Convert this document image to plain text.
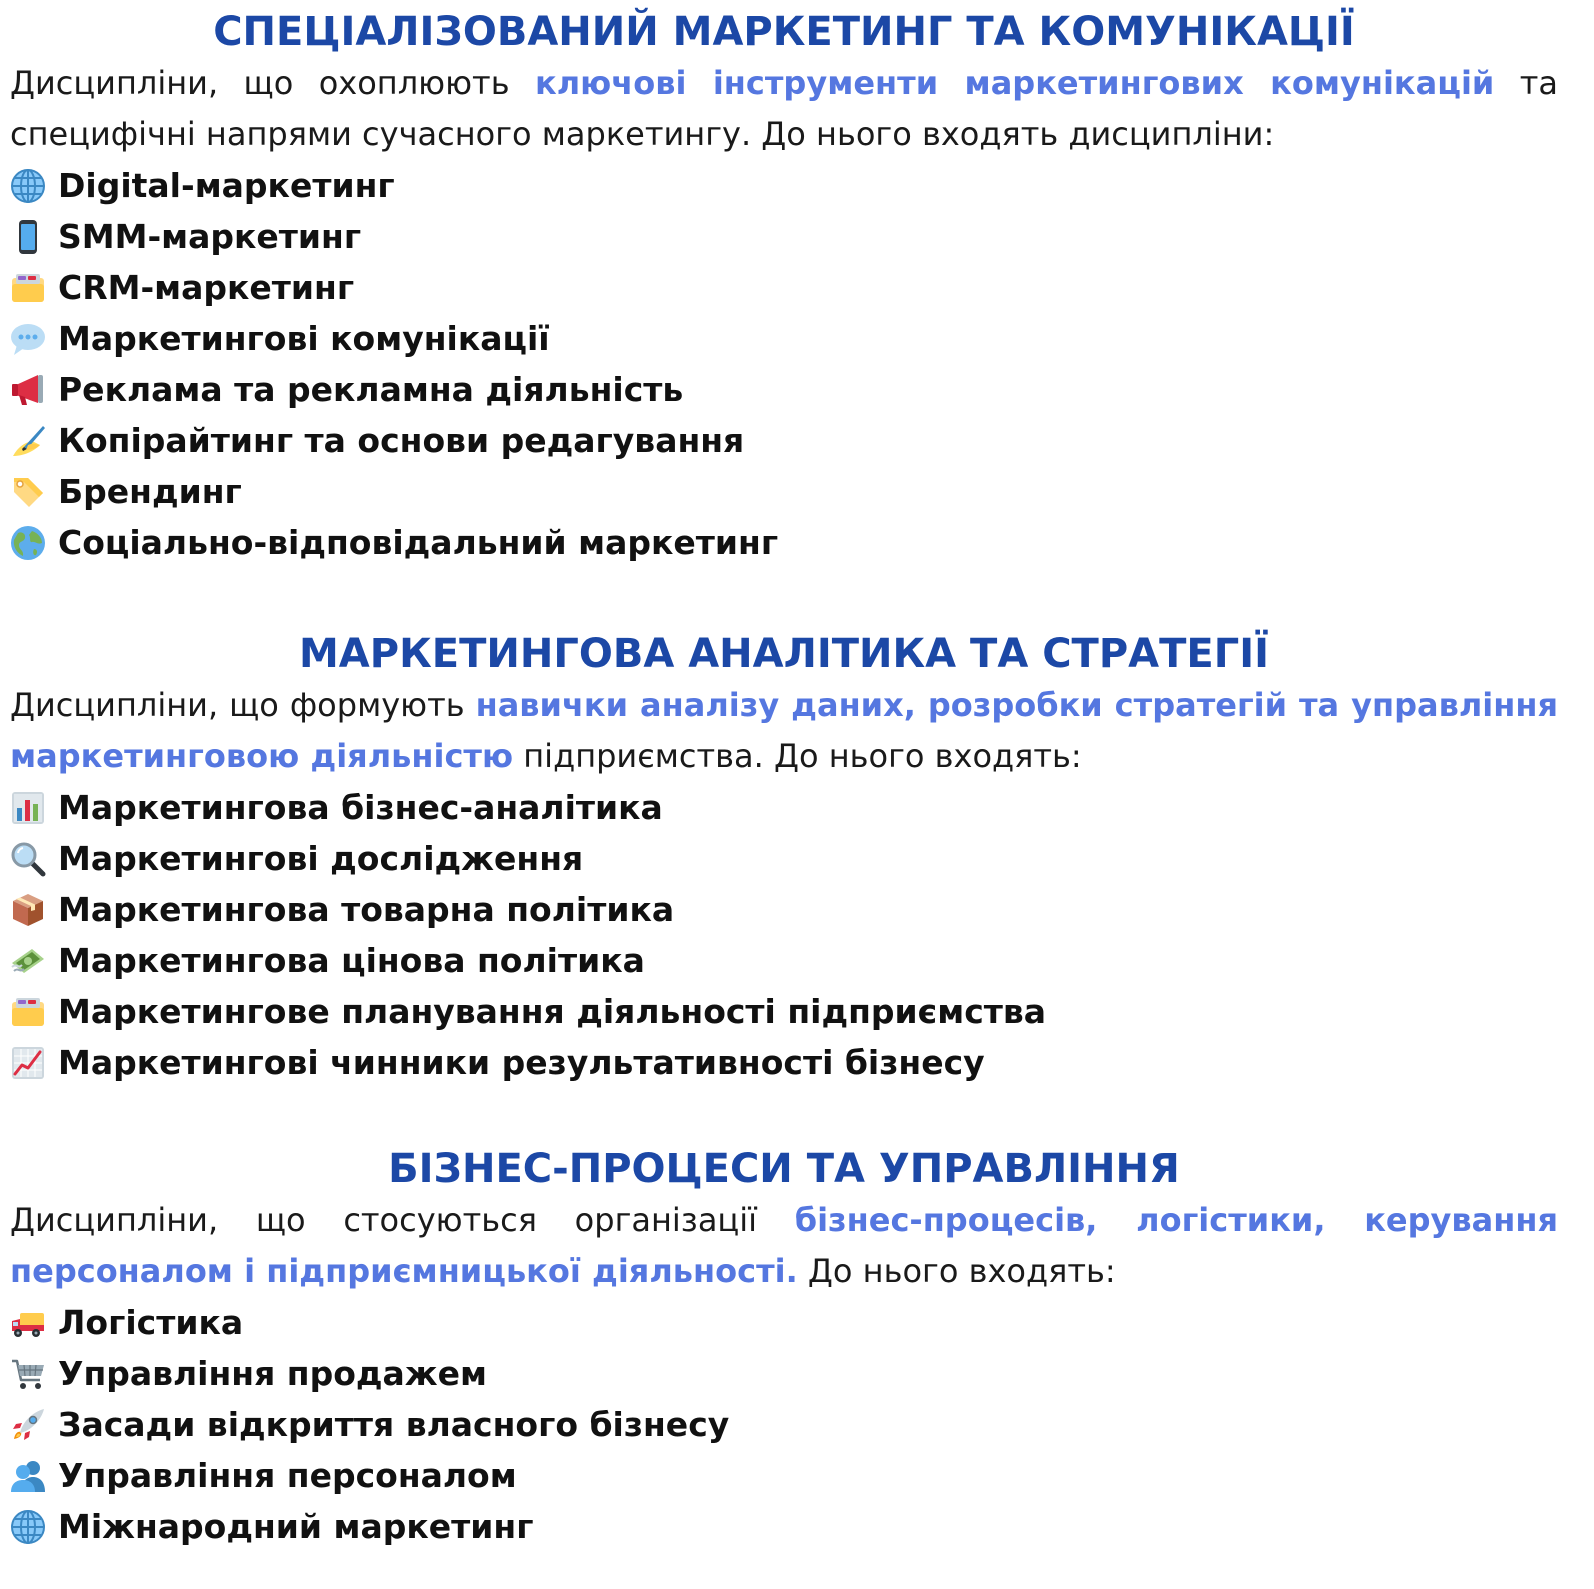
СПЕЦІАЛІЗОВАНИЙ МАРКЕТИНГ ТА КОМУНІКАЦІЇ
Дисципліни, що охоплюють ключові інструменти маркетингових комунікацій та специфічні напрями сучасного маркетингу. До нього входять дисципліни:
Digital-маркетинг
SMM-маркетинг
CRM-маркетинг
Маркетингові комунікації
Реклама та рекламна діяльність
Копірайтинг та основи редагування
Брендинг
Соціально-відповідальний маркетинг
МАРКЕТИНГОВА АНАЛІТИКА ТА СТРАТЕГІЇ
Дисципліни, що формують навички аналізу даних, розробки стратегій та управління маркетинговою діяльністю підприємства. До нього входять:
Маркетингова бізнес-аналітика
Маркетингові дослідження
Маркетингова товарна політика
Маркетингова цінова політика
Маркетингове планування діяльності підприємства
Маркетингові чинники результативності бізнесу
БІЗНЕС-ПРОЦЕСИ ТА УПРАВЛІННЯ
Дисципліни, що стосуються організації бізнес-процесів, логістики, керування персоналом і підприємницької діяльності. До нього входять:
Логістика
Управління продажем
Засади відкриття власного бізнесу
Управління персоналом
Міжнародний маркетинг
